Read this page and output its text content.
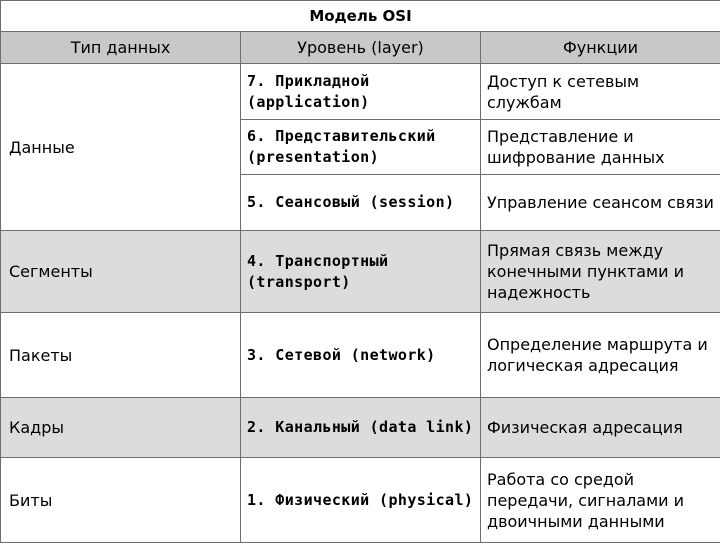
Модель OSI		
Тип данных	Уровень (layer)	Функции
Данные	7. Прикладной (application)	Доступ к сетевым службам
	6. Представительский (presentation)	Представление и шифрование данных
	5. Сеансовый (session)	Управление сеансом связи
Сегменты	4. Транспортный (transport)	Прямая связь между конечными пунктами и надежность
Пакеты	3. Сетевой (network)	Определение маршрута и логическая адресация
Кадры	2. Канальный (data link)	Физическая адресация
Биты	1. Физический (physical)	Работа со средой передачи, сигналами и двоичными данными
